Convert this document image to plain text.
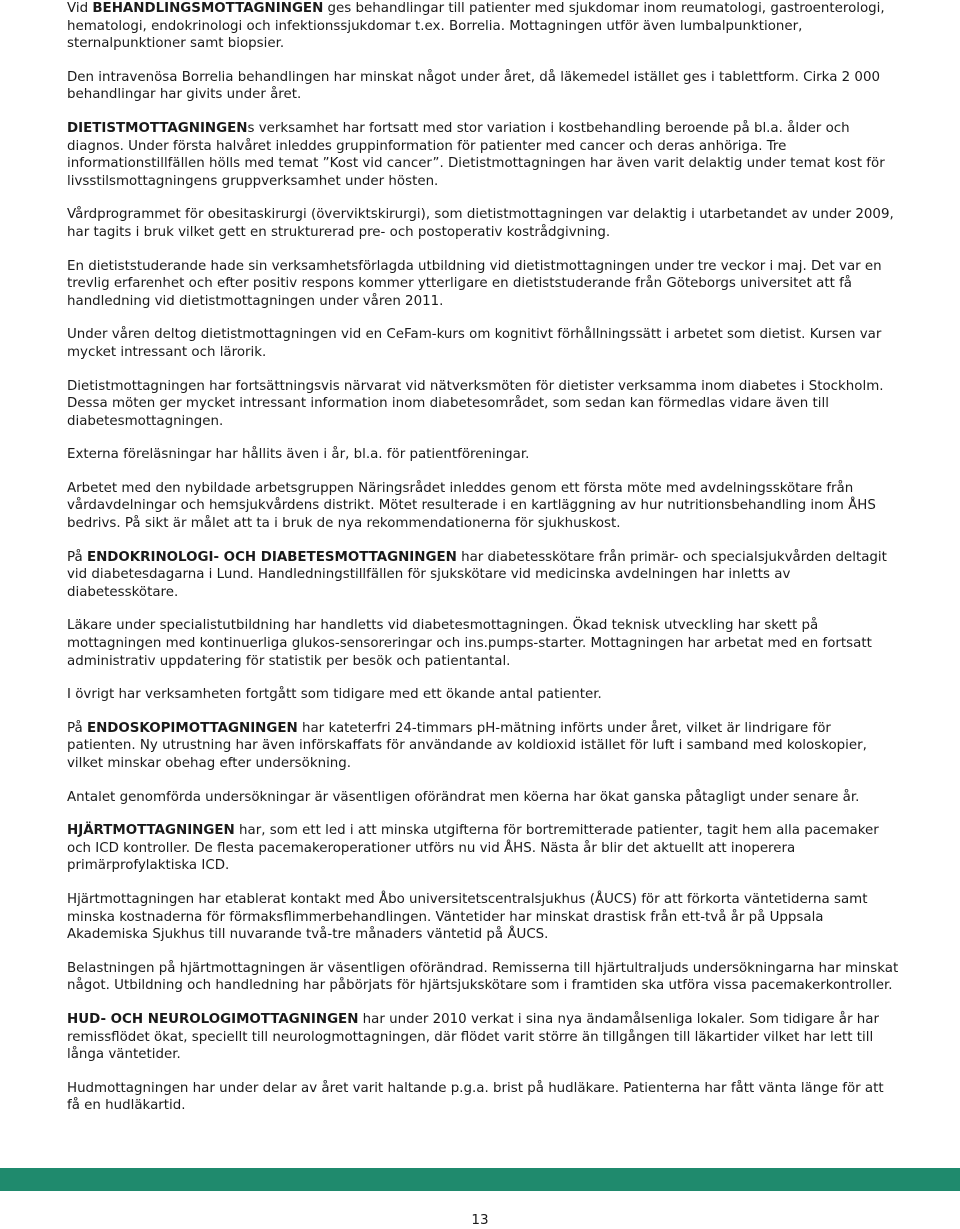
Vid BEHANDLINGSMOTTAGNINGEN ges behandlingar till patienter med sjukdomar inom reumatologi, gastroenterologi, hematologi, endokrinologi och infektionssjukdomar t.ex. Borrelia. Mottagningen utför även lumbalpunktioner, sternalpunktioner samt biopsier.

Den intravenösa Borrelia behandlingen har minskat något under året, då läkemedel istället ges i tablettform. Cirka 2 000 behandlingar har givits under året.

DIETISTMOTTAGNINGENs verksamhet har fortsatt med stor variation i kostbehandling beroende på bl.a. ålder och diagnos. Under första halvåret inleddes gruppinformation för patienter med cancer och deras anhöriga. Tre informationstillfällen hölls med temat ”Kost vid cancer”. Dietistmottagningen har även varit delaktig under temat kost för livsstilsmottagningens gruppverksamhet under hösten.

Vårdprogrammet för obesitaskirurgi (överviktskirurgi), som dietistmottagningen var delaktig i utarbetandet av under 2009, har tagits i bruk vilket gett en strukturerad pre- och postoperativ kostrådgivning.

En dietiststuderande hade sin verksamhetsförlagda utbildning vid dietistmottagningen under tre veckor i maj. Det var en trevlig erfarenhet och efter positiv respons kommer ytterligare en dietiststuderande från Göteborgs universitet att få handledning vid dietistmottagningen under våren 2011.

Under våren deltog dietistmottagningen vid en CeFam-kurs om kognitivt förhållningssätt i arbetet som dietist. Kursen var mycket intressant och lärorik.

Dietistmottagningen har fortsättningsvis närvarat vid nätverksmöten för dietister verksamma inom diabetes i Stockholm. Dessa möten ger mycket intressant information inom diabetesområdet, som sedan kan förmedlas vidare även till diabetesmottagningen.

Externa föreläsningar har hållits även i år, bl.a. för patientföreningar.

Arbetet med den nybildade arbetsgruppen Näringsrådet inleddes genom ett första möte med avdelningsskötare från vårdavdelningar och hemsjukvårdens distrikt. Mötet resulterade i en kartläggning av hur nutritionsbehandling inom ÅHS bedrivs. På sikt är målet att ta i bruk de nya rekommendationerna för sjukhuskost.

På ENDOKRINOLOGI- OCH DIABETESMOTTAGNINGEN har diabetesskötare från primär- och specialsjukvården deltagit vid diabetesdagarna i Lund. Handledningstillfällen för sjukskötare vid medicinska avdelningen har inletts av diabetesskötare.

Läkare under specialistutbildning har handletts vid diabetesmottagningen. Ökad teknisk utveckling har skett på mottagningen med kontinuerliga glukos-sensoreringar och ins.pumps-starter. Mottagningen har arbetat med en fortsatt administrativ uppdatering för statistik per besök och patientantal.

I övrigt har verksamheten fortgått som tidigare med ett ökande antal patienter.

På ENDOSKOPIMOTTAGNINGEN har kateterfri 24-timmars pH-mätning införts under året, vilket är lindrigare för patienten. Ny utrustning har även införskaffats för användande av koldioxid istället för luft i samband med koloskopier, vilket minskar obehag efter undersökning.

Antalet genomförda undersökningar är väsentligen oförändrat men köerna har ökat ganska påtagligt under senare år.

HJÄRTMOTTAGNINGEN har, som ett led i att minska utgifterna för bortremitterade patienter, tagit hem alla pacemaker och ICD kontroller. De flesta pacemakeroperationer utförs nu vid ÅHS. Nästa år blir det aktuellt att inoperera primärprofylaktiska ICD.

Hjärtmottagningen har etablerat kontakt med Åbo universitetscentralsjukhus (ÅUCS) för att förkorta väntetiderna samt minska kostnaderna för förmaksflimmerbehandlingen. Väntetider har minskat drastisk från ett-två år på Uppsala Akademiska Sjukhus till nuvarande två-tre månaders väntetid på ÅUCS.

Belastningen på hjärtmottagningen är väsentligen oförändrad. Remisserna till hjärtultraljuds undersökningarna har minskat något. Utbildning och handledning har påbörjats för hjärtsjukskötare som i framtiden ska utföra vissa pacemakerkontroller.

HUD- OCH NEUROLOGIMOTTAGNINGEN har under 2010 verkat i sina nya ändamålsenliga lokaler. Som tidigare år har remissflödet ökat, speciellt till neurologmottagningen, där flödet varit större än tillgången till läkartider vilket har lett till långa väntetider.

Hudmottagningen har under delar av året varit haltande p.g.a. brist på hudläkare. Patienterna har fått vänta länge för att få en hudläkartid.

13
